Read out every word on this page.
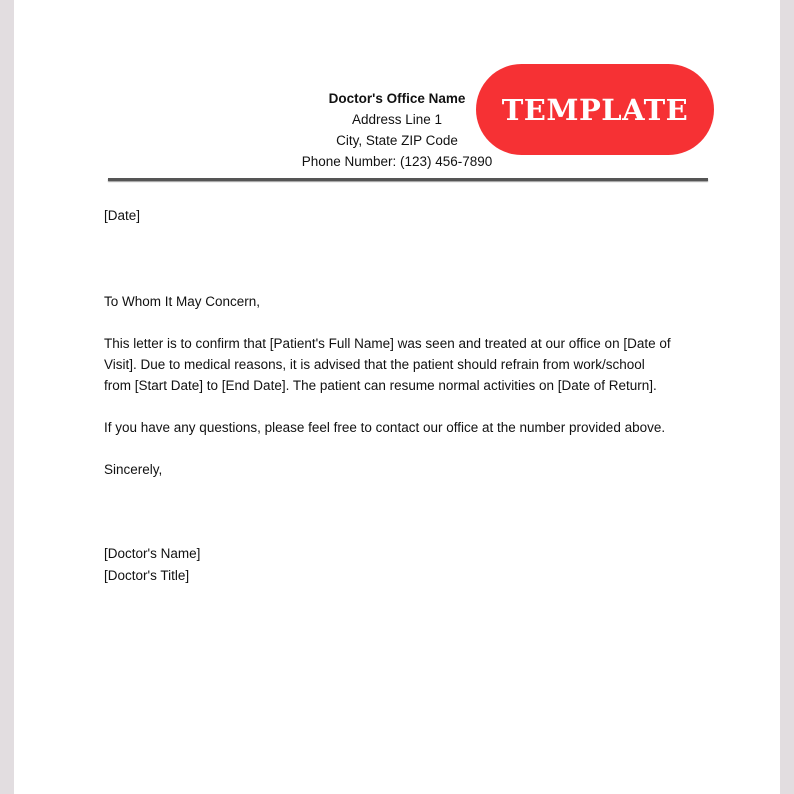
Doctor's Office Name
Address Line 1
City, State ZIP Code
Phone Number: (123) 456-7890
TEMPLATE
[Date]
To Whom It May Concern,
This letter is to confirm that [Patient's Full Name] was seen and treated at our office on [Date of
Visit]. Due to medical reasons, it is advised that the patient should refrain from work/school
from [Start Date] to [End Date]. The patient can resume normal activities on [Date of Return].
If you have any questions, please feel free to contact our office at the number provided above.
Sincerely,
[Doctor's Name]
[Doctor's Title]
